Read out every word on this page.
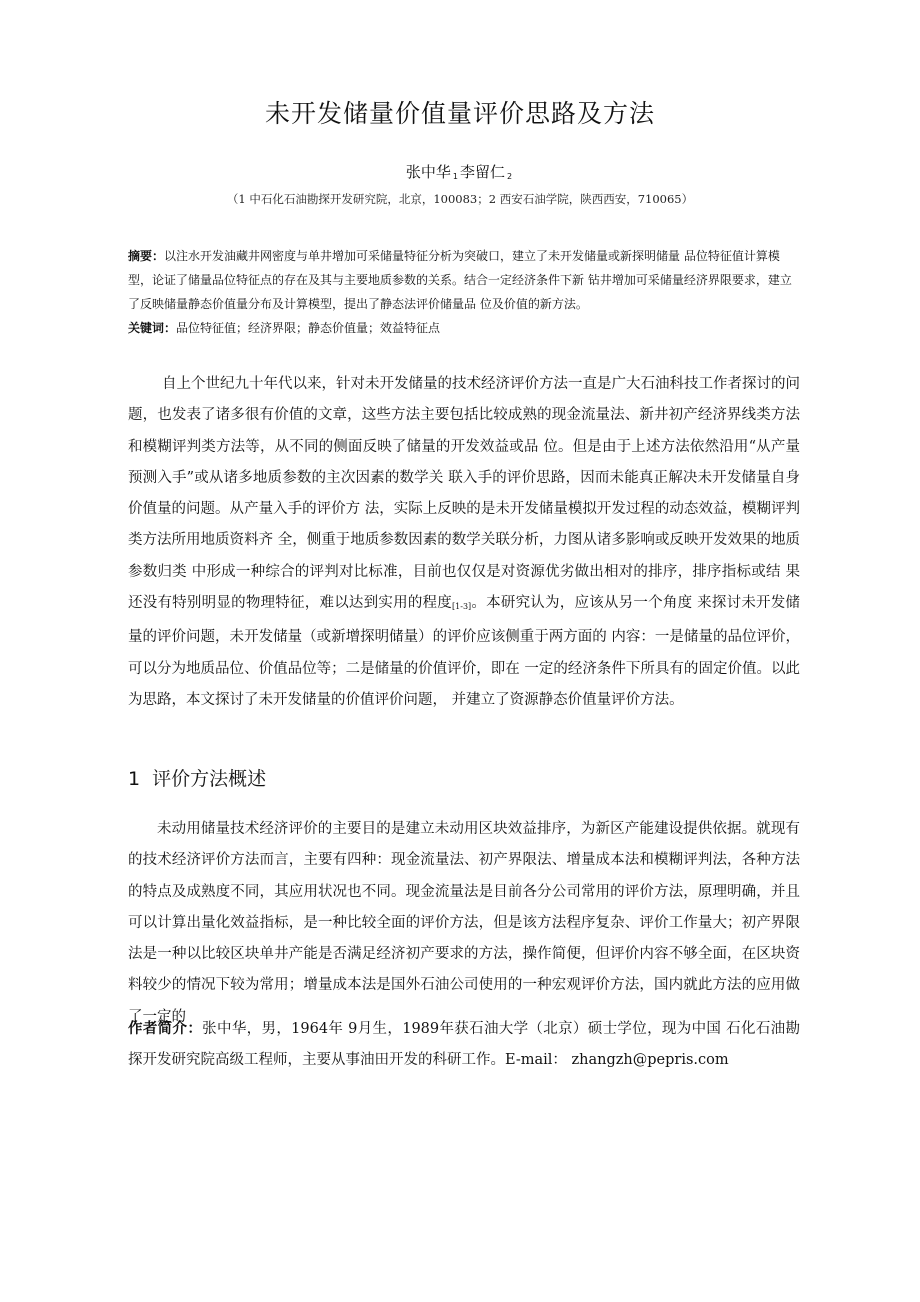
未开发储量价值量评价思路及方法
张中华 $_1$ 李留仁 $_2$
（1 中石化石油勘探开发研究院，北京，100083；2 西安石油学院，陕西西安，710065）
摘要：以注水开发油藏井网密度与单井增加可采储量特征分析为突破口，建立了未开发储量或新探明储量 品位特征值计算模型，论证了储量品位特征点的存在及其与主要地质参数的关系。结合一定经济条件下新 钻井增加可采储量经济界限要求，建立了反映储量静态价值量分布及计算模型，提出了静态法评价储量品 位及价值的新方法。
关键词：品位特征值；经济界限；静态价值量；效益特征点
自上个世纪九十年代以来，针对未开发储量的技术经济评价方法一直是广大石油科技工作者探讨的问题，也发表了诸多很有价值的文章，这些方法主要包括比较成熟的现金流量法、新井初产经济界线类方法和模糊评判类方法等，从不同的侧面反映了储量的开发效益或品 位。但是由于上述方法依然沿用“从产量预测入手”或从诸多地质参数的主次因素的数学关 联入手的评价思路，因而未能真正解决未开发储量自身价值量的问题。从产量入手的评价方 法，实际上反映的是未开发储量模拟开发过程的动态效益，模糊评判类方法所用地质资料齐 全，侧重于地质参数因素的数学关联分析，力图从诸多影响或反映开发效果的地质参数归类 中形成一种综合的评判对比标准，目前也仅仅是对资源优劣做出相对的排序，排序指标或结 果还没有特别明显的物理特征，难以达到实用的程度[1-3]。本研究认为，应该从另一个角度 来探讨未开发储量的评价问题，未开发储量（或新增探明储量）的评价应该侧重于两方面的 内容：一是储量的品位评价，可以分为地质品位、价值品位等；二是储量的价值评价，即在 一定的经济条件下所具有的固定价值。以此为思路，本文探讨了未开发储量的价值评价问题， 并建立了资源静态价值量评价方法。
1 评价方法概述
未动用储量技术经济评价的主要目的是建立未动用区块效益排序，为新区产能建设提供依据。就现有的技术经济评价方法而言，主要有四种：现金流量法、初产界限法、增量成本法和模糊评判法，各种方法的特点及成熟度不同，其应用状况也不同。现金流量法是目前各分公司常用的评价方法，原理明确，并且可以计算出量化效益指标，是一种比较全面的评价方法，但是该方法程序复杂、评价工作量大；初产界限法是一种以比较区块单井产能是否满足经济初产要求的方法，操作简便，但评价内容不够全面，在区块资料较少的情况下较为常用；增量成本法是国外石油公司使用的一种宏观评价方法，国内就此方法的应用做了一定的
作者简介：张中华，男，1964年 9月生，1989年获石油大学（北京）硕士学位，现为中国 石化石油勘探开发研究院高级工程师，主要从事油田开发的科研工作。E-mail： zhangzh@pepris.com
